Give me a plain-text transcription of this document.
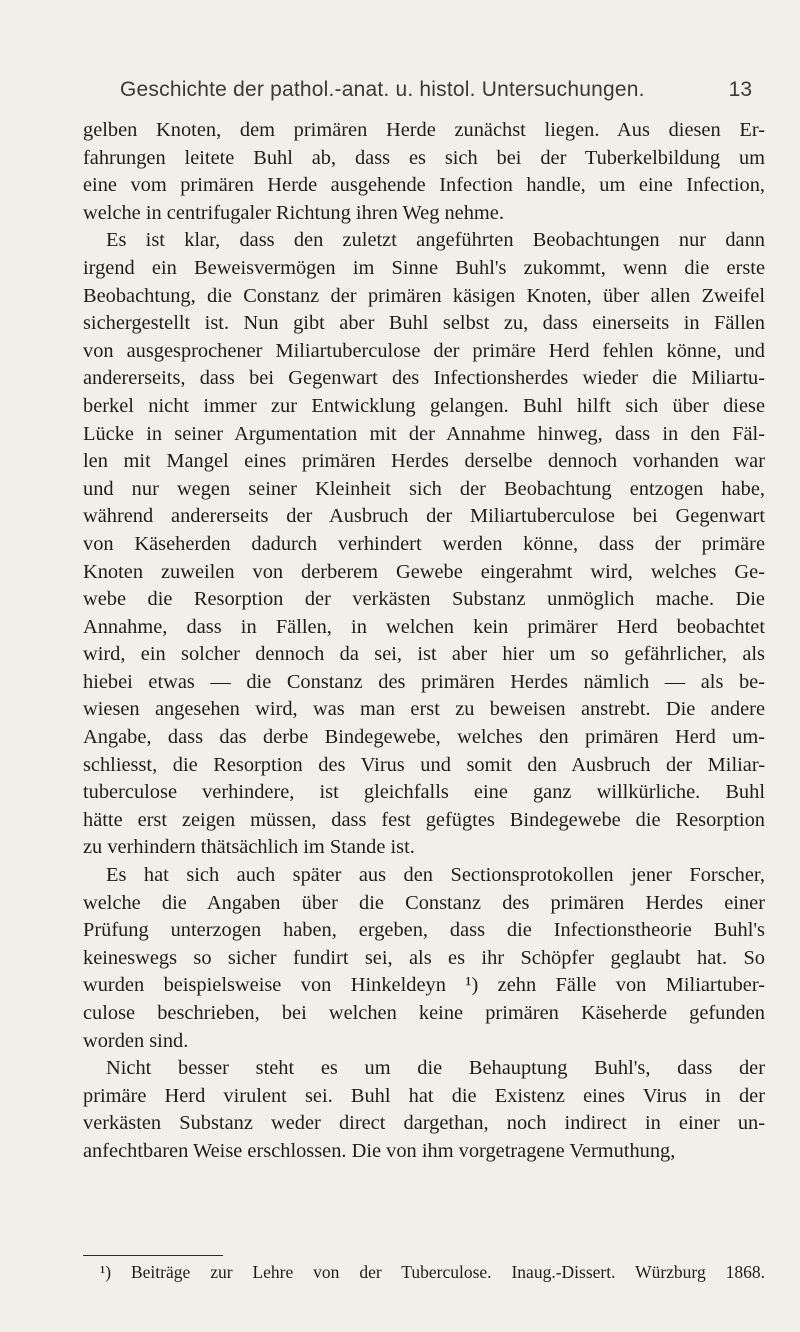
Geschichte der pathol.-anat. u. histol. Untersuchungen.	13
gelben Knoten, dem primären Herde zunächst liegen. Aus diesen Er-
fahrungen leitete Buhl ab, dass es sich bei der Tuberkelbildung um
eine vom primären Herde ausgehende Infection handle, um eine Infection,
welche in centrifugaler Richtung ihren Weg nehme.
Es ist klar, dass den zuletzt angeführten Beobachtungen nur dann
irgend ein Beweisvermögen im Sinne Buhl's zukommt, wenn die erste
Beobachtung, die Constanz der primären käsigen Knoten, über allen Zweifel
sichergestellt ist. Nun gibt aber Buhl selbst zu, dass einerseits in Fällen
von ausgesprochener Miliartuberculose der primäre Herd fehlen könne, und
andererseits, dass bei Gegenwart des Infectionsherdes wieder die Miliartu-
berkel nicht immer zur Entwicklung gelangen. Buhl hilft sich über diese
Lücke in seiner Argumentation mit der Annahme hinweg, dass in den Fäl-
len mit Mangel eines primären Herdes derselbe dennoch vorhanden war
und nur wegen seiner Kleinheit sich der Beobachtung entzogen habe,
während andererseits der Ausbruch der Miliartuberculose bei Gegenwart
von Käseherden dadurch verhindert werden könne, dass der primäre
Knoten zuweilen von derberem Gewebe eingerahmt wird, welches Ge-
webe die Resorption der verkästen Substanz unmöglich mache. Die
Annahme, dass in Fällen, in welchen kein primärer Herd beobachtet
wird, ein solcher dennoch da sei, ist aber hier um so gefährlicher, als
hiebei etwas — die Constanz des primären Herdes nämlich — als be-
wiesen angesehen wird, was man erst zu beweisen anstrebt. Die andere
Angabe, dass das derbe Bindegewebe, welches den primären Herd um-
schliesst, die Resorption des Virus und somit den Ausbruch der Miliar-
tuberculose verhindere, ist gleichfalls eine ganz willkürliche. Buhl
hätte erst zeigen müssen, dass fest gefügtes Bindegewebe die Resorption
zu verhindern thätsächlich im Stande ist.
Es hat sich auch später aus den Sectionsprotokollen jener Forscher,
welche die Angaben über die Constanz des primären Herdes einer
Prüfung unterzogen haben, ergeben, dass die Infectionstheorie Buhl's
keineswegs so sicher fundirt sei, als es ihr Schöpfer geglaubt hat. So
wurden beispielsweise von Hinkeldeyn ¹) zehn Fälle von Miliartuber-
culose beschrieben, bei welchen keine primären Käseherde gefunden
worden sind.
Nicht besser steht es um die Behauptung Buhl's, dass der
primäre Herd virulent sei. Buhl hat die Existenz eines Virus in der
verkästen Substanz weder direct dargethan, noch indirect in einer un-
anfechtbaren Weise erschlossen. Die von ihm vorgetragene Vermuthung,
¹) Beiträge zur Lehre von der Tuberculose. Inaug.-Dissert. Würzburg 1868.
